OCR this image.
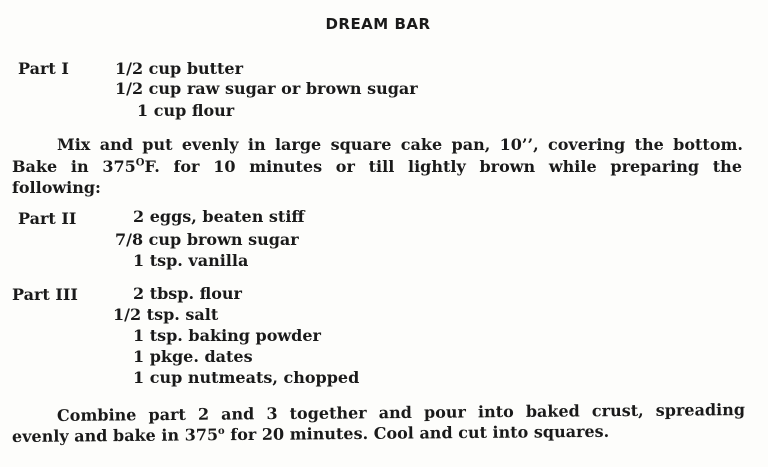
DREAM BAR
Part I	1/2 cup butter
1/2 cup raw sugar or brown sugar
1 cup flour
Mix and put evenly in large square cake pan, 10’’, covering the bottom.
Bake in $375^OF$. for 10 minutes or till lightly brown while preparing the
following:
Part II	2 eggs, beaten stiff
7/8 cup brown sugar
1 tsp. vanilla
Part III	2 tbsp. flour
1/2 tsp. salt
1 tsp. baking powder
1 pkge. dates
1 cup nutmeats, chopped
Combine part 2 and 3 together and pour into baked crust, spreading
evenly and bake in 375$^o$ for 20 minutes. Cool and cut into squares.
